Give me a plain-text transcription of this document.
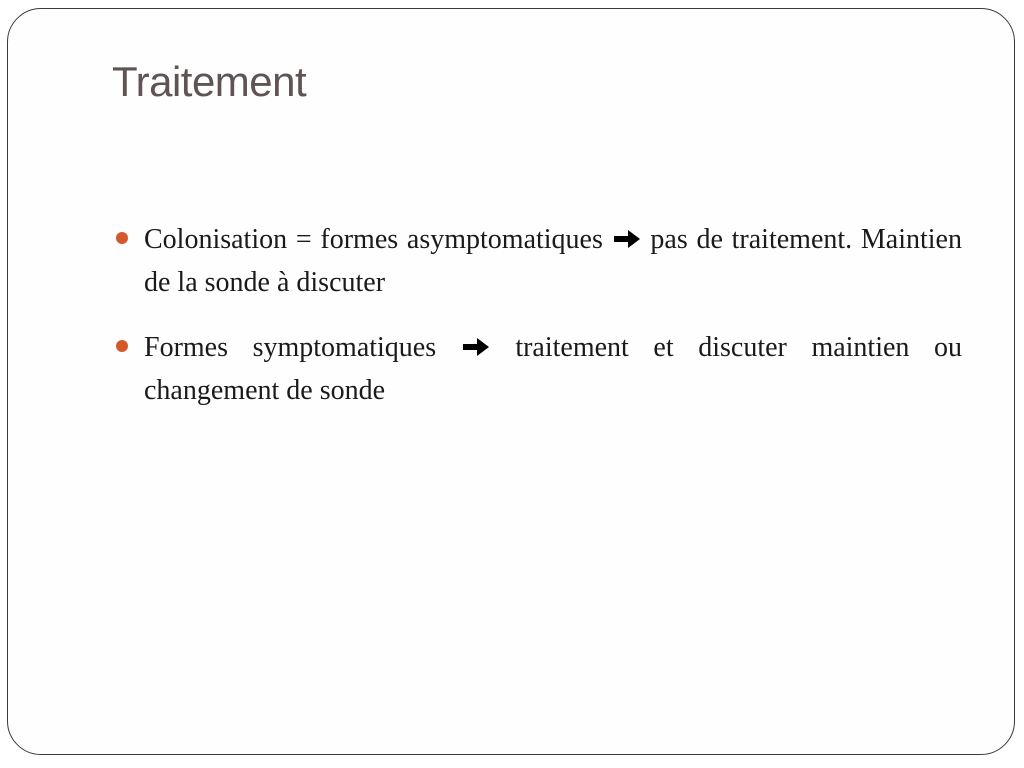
Traitement
Colonisation = formes asymptomatiques pas de traitement. Maintien de la sonde à discuter
Formes symptomatiques	traitement et discuter maintien ou changement de sonde
